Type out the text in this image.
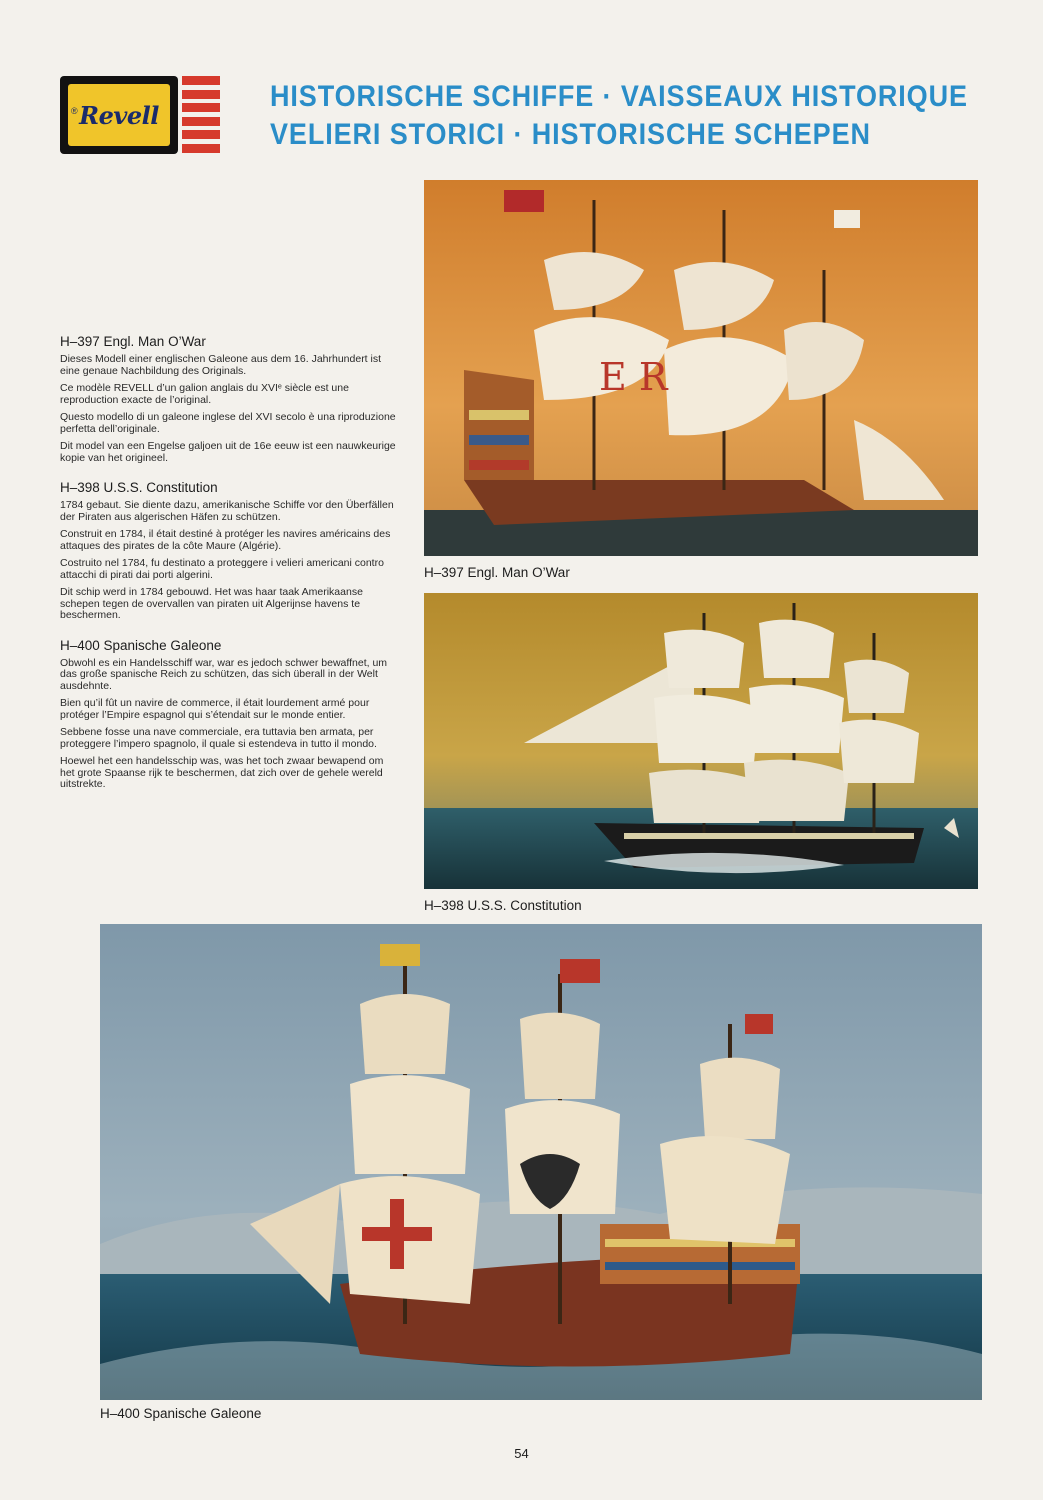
® Revell
HISTORISCHE SCHIFFE · VAISSEAUX HISTORIQUE
VELIERI STORICI · HISTORISCHE SCHEPEN
H–397 Engl. Man O’War

Dieses Modell einer englischen Galeone aus dem 16. Jahrhundert ist eine genaue Nachbildung des Originals.

Ce modèle REVELL d’un galion anglais du XVIᵉ siècle est une reproduction exacte de l’original.

Questo modello di un galeone inglese del XVI secolo è una riproduzione perfetta dell’originale.

Dit model van een Engelse galjoen uit de 16e eeuw ist een nauwkeurige kopie van het origineel.

H–398 U.S.S. Constitution

1784 gebaut. Sie diente dazu, amerikanische Schiffe vor den Überfällen der Piraten aus algerischen Häfen zu schützen.

Construit en 1784, il était destiné à protéger les navires américains des attaques des pirates de la côte Maure (Algérie).

Costruito nel 1784, fu destinato a proteggere i velieri americani contro attacchi di pirati dai porti algerini.

Dit schip werd in 1784 gebouwd. Het was haar taak Amerikaanse schepen tegen de overvallen van piraten uit Algerijnse havens te beschermen.

H–400 Spanische Galeone

Obwohl es ein Handelsschiff war, war es jedoch schwer bewaffnet, um das große spanische Reich zu schützen, das sich überall in der Welt ausdehnte.

Bien qu’il fût un navire de commerce, il était lourdement armé pour protéger l’Empire espagnol qui s’étendait sur le monde entier.

Sebbene fosse una nave commerciale, era tuttavia ben armata, per proteggere l’impero spagnolo, il quale si estendeva in tutto il mondo.

Hoewel het een handelsschip was, was het toch zwaar bewapend om het grote Spaanse rijk te beschermen, dat zich over de gehele wereld uitstrekte.

E R
H–397 Engl. Man O’War
H–398 U.S.S. Constitution
H–400 Spanische Galeone
54
